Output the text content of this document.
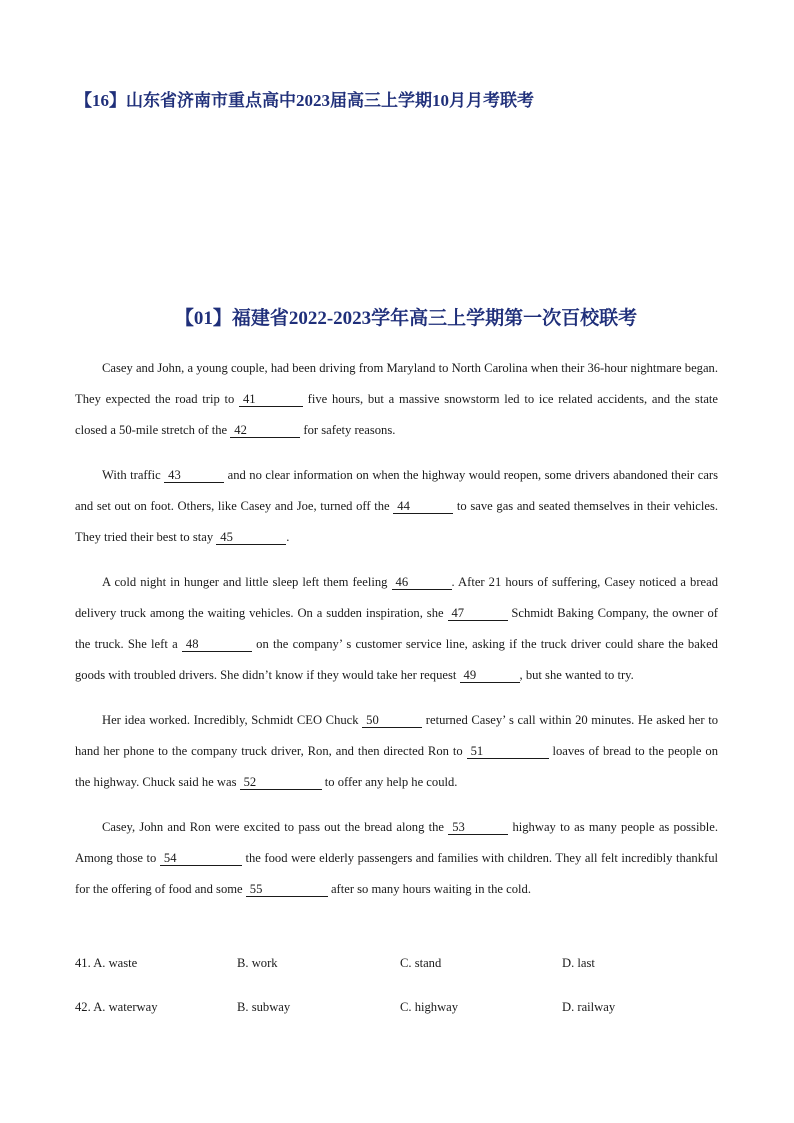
【16】山东省济南市重点高中2023届高三上学期10月月考联考
【01】福建省2022-2023学年高三上学期第一次百校联考

Casey and John, a young couple, had been driving from Maryland to North Carolina when their 36-hour nightmare began. They expected the road trip to 41	five hours, but a massive snowstorm led to ice related accidents, and the state closed a 50-mile stretch of the 42	for safety reasons.

With traffic 43	and no clear information on when the highway would reopen, some drivers abandoned their cars and set out on foot. Others, like Casey and Joe, turned off the 44	to save gas and seated themselves in their vehicles. They tried their best to stay 45	.

A cold night in hunger and little sleep left them feeling 46	. After 21 hours of suffering, Casey noticed a bread delivery truck among the waiting vehicles. On a sudden inspiration, she 47	Schmidt Baking Company, the owner of the truck. She left a 48	on the company’ s customer service line, asking if the truck driver could share the baked goods with troubled drivers. She didn’t know if they would take her request 49	, but she wanted to try.

Her idea worked. Incredibly, Schmidt CEO Chuck 50	returned Casey’ s call within 20 minutes. He asked her to hand her phone to the company truck driver, Ron, and then directed Ron to 51	loaves of bread to the people on the highway. Chuck said he was 52	to offer any help he could.

Casey, John and Ron were excited to pass out the bread along the 53	highway to as many people as possible. Among those to 54	the food were elderly passengers and families with children. They all felt incredibly thankful for the offering of food and some 55	after so many hours waiting in the cold.

41. A. waste	B. work	C. stand	D. last
42. A. waterway	B. subway	C. highway	D. railway
